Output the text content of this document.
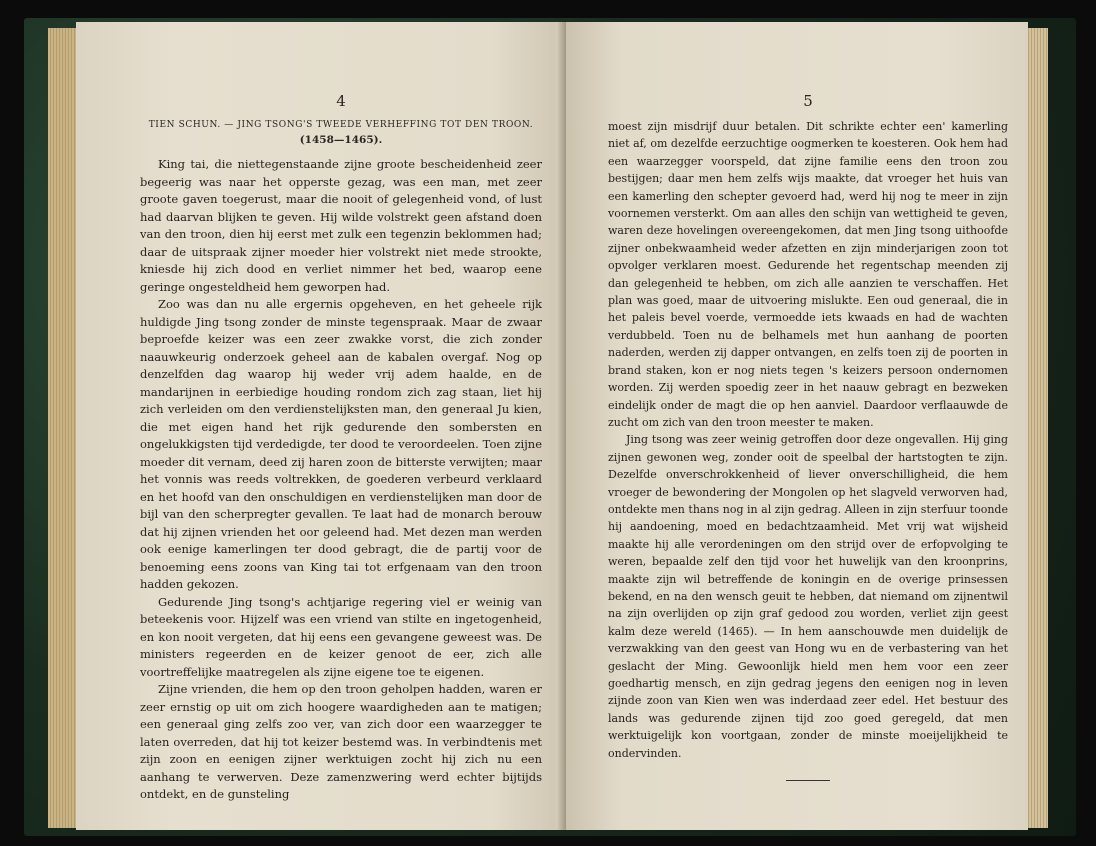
4
TIEN SCHUN. — JING TSONG'S TWEEDE VERHEFFING TOT DEN TROON.
(1458—1465).

King tai, die niettegenstaande zijne groote bescheidenheid zeer begeerig was naar het opperste gezag, was een man, met zeer groote gaven toegerust, maar die nooit of gelegenheid vond, of lust had daarvan blijken te geven. Hij wilde volstrekt geen afstand doen van den troon, dien hij eerst met zulk een tegenzin beklommen had; daar de uitspraak zijner moeder hier volstrekt niet mede strookte, kniesde hij zich dood en verliet nimmer het bed, waarop eene geringe ongesteldheid hem geworpen had.

Zoo was dan nu alle ergernis opgeheven, en het geheele rijk huldigde Jing tsong zonder de minste tegenspraak. Maar de zwaar beproefde keizer was een zeer zwakke vorst, die zich zonder naauwkeurig onderzoek geheel aan de kabalen overgaf. Nog op denzelfden dag waarop hij weder vrij adem haalde, en de mandarijnen in eerbiedige houding rondom zich zag staan, liet hij zich verleiden om den verdienstelijksten man, den generaal Ju kien, die met eigen hand het rijk gedurende den sombersten en ongelukkigsten tijd verdedigde, ter dood te veroordeelen. Toen zijne moeder dit vernam, deed zij haren zoon de bitterste verwijten; maar het vonnis was reeds voltrekken, de goederen verbeurd verklaard en het hoofd van den onschuldigen en verdienstelijken man door de bijl van den scherpregter gevallen. Te laat had de monarch berouw dat hij zijnen vrienden het oor geleend had. Met dezen man werden ook eenige kamerlingen ter dood gebragt, die de partij voor de benoeming eens zoons van King tai tot erfgenaam van den troon hadden gekozen.

Gedurende Jing tsong's achtjarige regering viel er weinig van beteekenis voor. Hijzelf was een vriend van stilte en ingetogenheid, en kon nooit vergeten, dat hij eens een gevangene geweest was. De ministers regeerden en de keizer genoot de eer, zich alle voortreffelijke maatregelen als zijne eigene toe te eigenen.

Zijne vrienden, die hem op den troon geholpen hadden, waren er zeer ernstig op uit om zich hoogere waardigheden aan te matigen; een generaal ging zelfs zoo ver, van zich door een waarzegger te laten overreden, dat hij tot keizer bestemd was. In verbindtenis met zijn zoon en eenigen zijner werktuigen zocht hij zich nu een aanhang te verwerven. Deze zamenzwering werd echter bijtijds ontdekt, en de gunsteling

5

moest zijn misdrijf duur betalen. Dit schrikte echter een' kamerling niet af, om dezelfde eerzuchtige oogmerken te koesteren. Ook hem had een waarzegger voorspeld, dat zijne familie eens den troon zou bestijgen; daar men hem zelfs wijs maakte, dat vroeger het huis van een kamerling den schepter gevoerd had, werd hij nog te meer in zijn voornemen versterkt. Om aan alles den schijn van wettigheid te geven, waren deze hovelingen overeengekomen, dat men Jing tsong uithoofde zijner onbekwaamheid weder afzetten en zijn minderjarigen zoon tot opvolger verklaren moest. Gedurende het regentschap meenden zij dan gelegenheid te hebben, om zich alle aanzien te verschaffen. Het plan was goed, maar de uitvoering mislukte. Een oud generaal, die in het paleis bevel voerde, vermoedde iets kwaads en had de wachten verdubbeld. Toen nu de belhamels met hun aanhang de poorten naderden, werden zij dapper ontvangen, en zelfs toen zij de poorten in brand staken, kon er nog niets tegen 's keizers persoon ondernomen worden. Zij werden spoedig zeer in het naauw gebragt en bezweken eindelijk onder de magt die op hen aanviel. Daardoor verflaauwde de zucht om zich van den troon meester te maken.

Jing tsong was zeer weinig getroffen door deze ongevallen. Hij ging zijnen gewonen weg, zonder ooit de speelbal der hartstogten te zijn. Dezelfde onverschrokkenheid of liever onverschilligheid, die hem vroeger de bewondering der Mongolen op het slagveld verworven had, ontdekte men thans nog in al zijn gedrag. Alleen in zijn sterfuur toonde hij aandoening, moed en bedachtzaamheid. Met vrij wat wijsheid maakte hij alle verordeningen om den strijd over de erfopvolging te weren, bepaalde zelf den tijd voor het huwelijk van den kroonprins, maakte zijn wil betreffende de koningin en de overige prinsessen bekend, en na den wensch geuit te hebben, dat niemand om zijnentwil na zijn overlijden op zijn graf gedood zou worden, verliet zijn geest kalm deze wereld (1465). — In hem aanschouwde men duidelijk de verzwakking van den geest van Hong wu en de verbastering van het geslacht der Ming. Gewoonlijk hield men hem voor een zeer goedhartig mensch, en zijn gedrag jegens den eenigen nog in leven zijnde zoon van Kien wen was inderdaad zeer edel. Het bestuur des lands was gedurende zijnen tijd zoo goed geregeld, dat men werktuigelijk kon voortgaan, zonder de minste moeijelijkheid te ondervinden.
